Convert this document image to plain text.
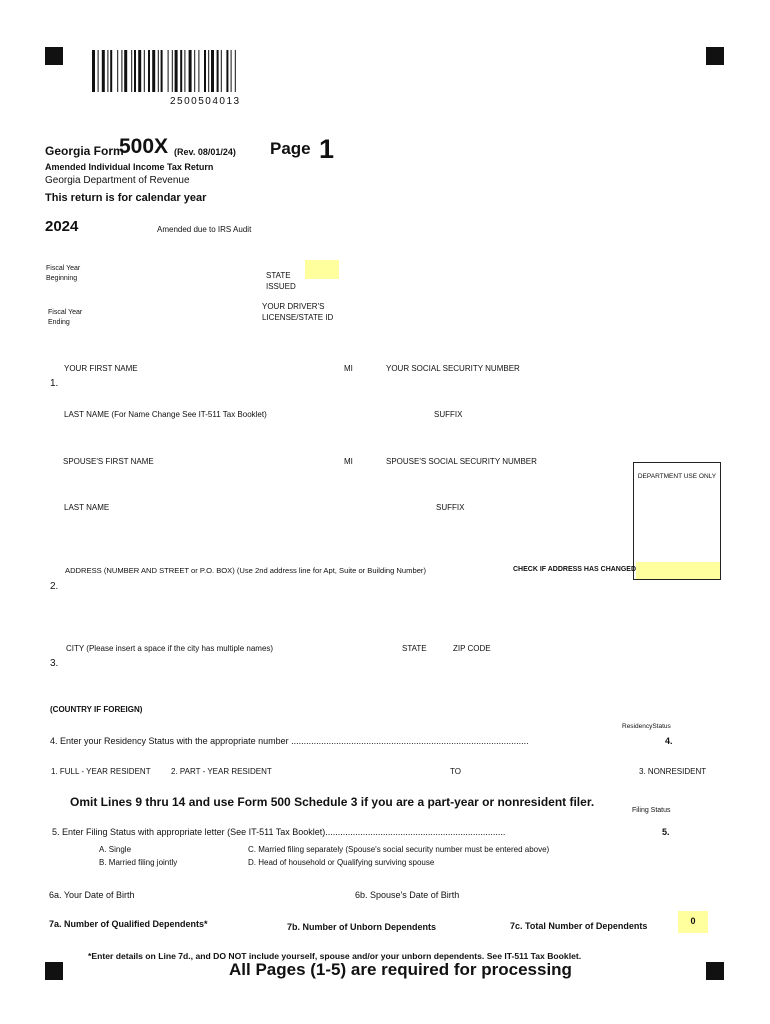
2500504013
Georgia Form
500X (Rev. 08/01/24) Page 1
Amended Individual Income Tax Return
Georgia Department of Revenue
This return is for calendar year
2024	Amended due to IRS Audit
Fiscal Year
Beginning
Fiscal Year
Ending
STATE
ISSUED
YOUR DRIVER'S
LICENSE/STATE ID
YOUR FIRST NAME	MI	YOUR SOCIAL SECURITY NUMBER
1.
LAST NAME (For Name Change See IT-511 Tax Booklet)	SUFFIX
SPOUSE'S FIRST NAME	MI	SPOUSE'S SOCIAL SECURITY NUMBER
LAST NAME	SUFFIX
DEPARTMENT USE ONLY
ADDRESS (NUMBER AND STREET or P.O. BOX) (Use 2nd address line for Apt, Suite or Building Number)	CHECK IF ADDRESS HAS CHANGED
2.
CITY (Please insert a space if the city has multiple names)	STATE	ZIP CODE
3.
(COUNTRY IF FOREIGN)
ResidencyStatus
4. Enter your Residency Status with the appropriate number ...............................................................................................	4.
1. FULL - YEAR RESIDENT	2. PART - YEAR RESIDENT	TO	3. NONRESIDENT
Omit Lines 9 thru 14 and use Form 500 Schedule 3 if you are a part-year or nonresident filer.
Filing Status
5. Enter Filing Status with appropriate letter (See IT-511 Tax Booklet)........................................................................	5.
A. Single
B. Married filing jointly
C. Married filing separately (Spouse's social security number must be entered above)
D. Head of household or Qualifying surviving spouse
6a. Your Date of Birth	6b. Spouse's Date of Birth
7a. Number of Qualified Dependents*	7b. Number of Unborn Dependents	7c. Total Number of Dependents	0
*Enter details on Line 7d., and DO NOT include yourself, spouse and/or your unborn dependents. See IT-511 Tax Booklet.
All Pages (1-5) are required for processing
